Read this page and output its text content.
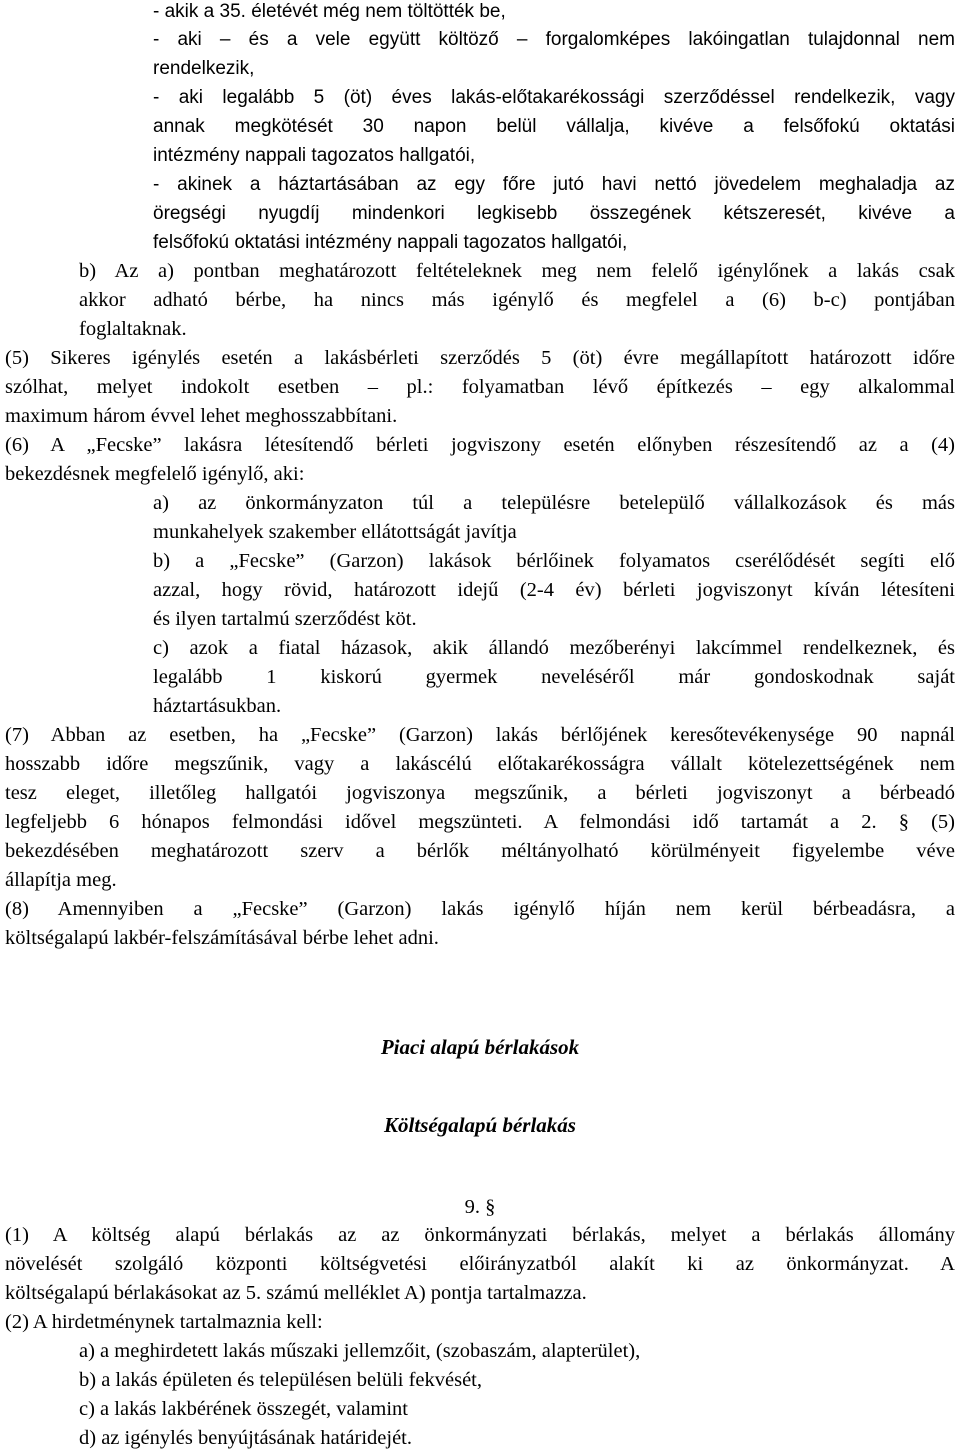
- akik a 35. életévét még nem töltötték be,
- aki – és a vele együtt költöző – forgalomképes lakóingatlan tulajdonnal nem
rendelkezik,
- aki legalább 5 (öt) éves lakás-előtakarékossági szerződéssel rendelkezik, vagy
annak megkötését 30 napon belül vállalja, kivéve a felsőfokú oktatási
intézmény nappali tagozatos hallgatói,
- akinek a háztartásában az egy főre jutó havi nettó jövedelem meghaladja az
öregségi nyugdíj mindenkori legkisebb összegének kétszeresét, kivéve a
felsőfokú oktatási intézmény nappali tagozatos hallgatói,
b) Az a) pontban meghatározott feltételeknek meg nem felelő igénylőnek a lakás csak
akkor adható bérbe, ha nincs más igénylő és megfelel a (6) b-c) pontjában
foglaltaknak.
(5) Sikeres igénylés esetén a lakásbérleti szerződés 5 (öt) évre megállapított határozott időre
szólhat, melyet indokolt esetben – pl.: folyamatban lévő építkezés – egy alkalommal
maximum három évvel lehet meghosszabbítani.
(6) A „Fecske” lakásra létesítendő bérleti jogviszony esetén előnyben részesítendő az a (4)
bekezdésnek megfelelő igénylő, aki:
a) az önkormányzaton túl a településre betelepülő vállalkozások és más
munkahelyek szakember ellátottságát javítja
b) a „Fecske” (Garzon) lakások bérlőinek folyamatos cserélődését segíti elő
azzal, hogy rövid, határozott idejű (2-4 év) bérleti jogviszonyt kíván létesíteni
és ilyen tartalmú szerződést köt.
c) azok a fiatal házasok, akik állandó mezőberényi lakcímmel rendelkeznek, és
legalább 1 kiskorú gyermek neveléséről már gondoskodnak saját
háztartásukban.
(7) Abban az esetben, ha „Fecske” (Garzon) lakás bérlőjének keresőtevékenysége 90 napnál
hosszabb időre megszűnik, vagy a lakáscélú előtakarékosságra vállalt kötelezettségének nem
tesz eleget, illetőleg hallgatói jogviszonya megszűnik, a bérleti jogviszonyt a bérbeadó
legfeljebb 6 hónapos felmondási idővel megszünteti. A felmondási idő tartamát a 2. § (5)
bekezdésében meghatározott szerv a bérlők méltányolható körülményeit figyelembe véve
állapítja meg.
(8) Amennyiben a „Fecske” (Garzon) lakás igénylő híján nem kerül bérbeadásra, a
költségalapú lakbér-felszámításával bérbe lehet adni.
Piaci alapú bérlakások
Költségalapú bérlakás
9. §
(1) A költség alapú bérlakás az az önkormányzati bérlakás, melyet a bérlakás állomány
növelését szolgáló központi költségvetési előirányzatból alakít ki az önkormányzat. A
költségalapú bérlakásokat az 5. számú melléklet A) pontja tartalmazza.
(2) A hirdetménynek tartalmaznia kell:
a) a meghirdetett lakás műszaki jellemzőit, (szobaszám, alapterület),
b) a lakás épületen és településen belüli fekvését,
c) a lakás lakbérének összegét, valamint
d) az igénylés benyújtásának határidejét.
